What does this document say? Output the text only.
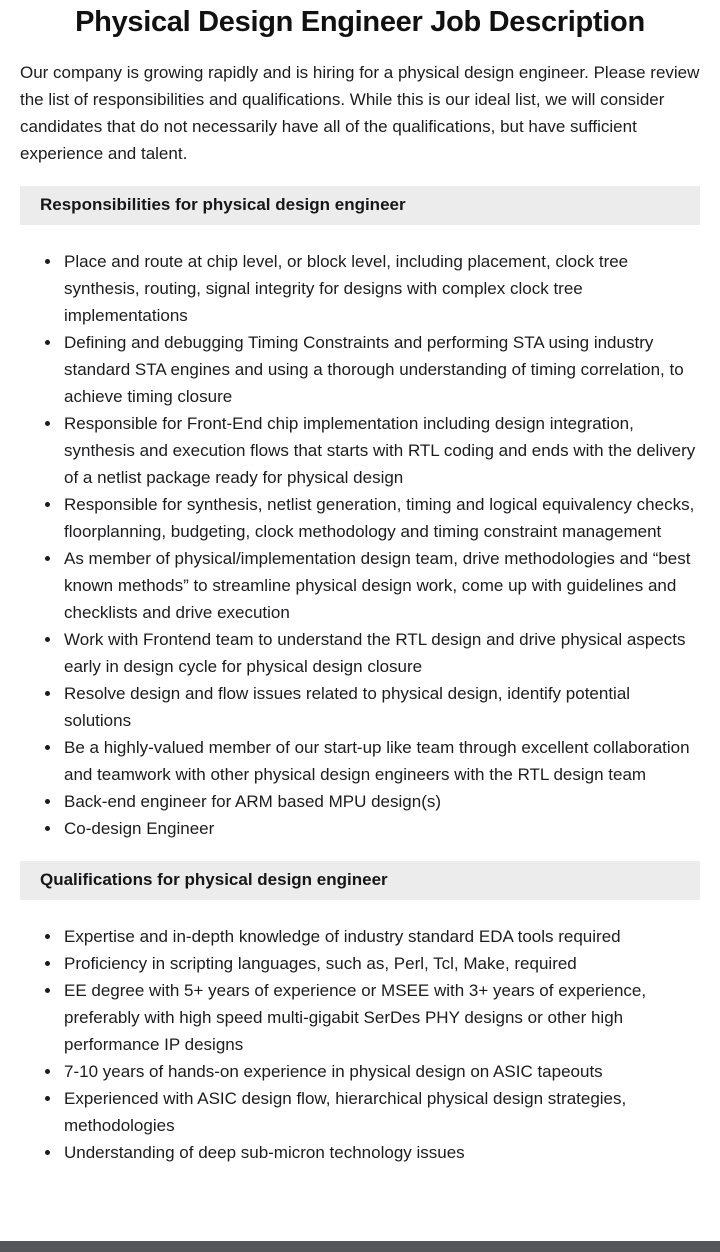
Physical Design Engineer Job Description

Our company is growing rapidly and is hiring for a physical design engineer. Please review the list of responsibilities and qualifications. While this is our ideal list, we will consider candidates that do not necessarily have all of the qualifications, but have sufficient experience and talent.

Responsibilities for physical design engineer
• Place and route at chip level, or block level, including placement, clock tree synthesis, routing, signal integrity for designs with complex clock tree implementations
• Defining and debugging Timing Constraints and performing STA using industry standard STA engines and using a thorough understanding of timing correlation, to achieve timing closure
• Responsible for Front-End chip implementation including design integration, synthesis and execution flows that starts with RTL coding and ends with the delivery of a netlist package ready for physical design
• Responsible for synthesis, netlist generation, timing and logical equivalency checks, floorplanning, budgeting, clock methodology and timing constraint management
• As member of physical/implementation design team, drive methodologies and “best known methods” to streamline physical design work, come up with guidelines and checklists and drive execution
• Work with Frontend team to understand the RTL design and drive physical aspects early in design cycle for physical design closure
• Resolve design and flow issues related to physical design, identify potential solutions
• Be a highly-valued member of our start-up like team through excellent collaboration and teamwork with other physical design engineers with the RTL design team
• Back-end engineer for ARM based MPU design(s)
• Co-design Engineer
Qualifications for physical design engineer
• Expertise and in-depth knowledge of industry standard EDA tools required
• Proficiency in scripting languages, such as, Perl, Tcl, Make, required
• EE degree with 5+ years of experience or MSEE with 3+ years of experience, preferably with high speed multi-gigabit SerDes PHY designs or other high performance IP designs
• 7-10 years of hands-on experience in physical design on ASIC tapeouts
• Experienced with ASIC design flow, hierarchical physical design strategies, methodologies
• Understanding of deep sub-micron technology issues
